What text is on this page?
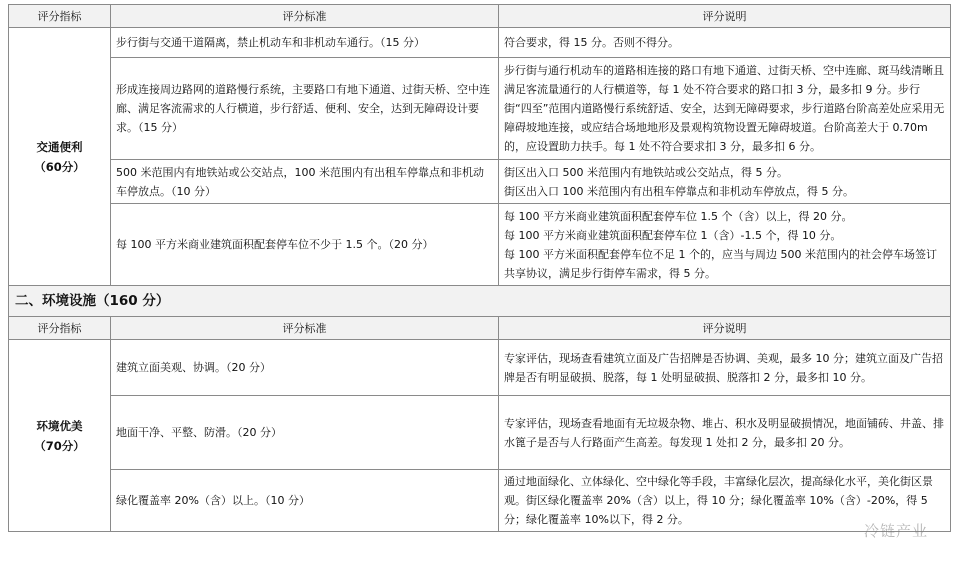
评分指标	评分标准	评分说明

交通便利
（60分）	步行街与交通干道隔离，禁止机动车和非机动车通行。（15 分）	符合要求，得 15 分。否则不得分。

	形成连接周边路网的道路慢行系统，主要路口有地下通道、过街天桥、空中连廊、满足客流需求的人行横道，步行舒适、便利、安全，达到无障碍设计要求。（15 分）	步行街与通行机动车的道路相连接的路口有地下通道、过街天桥、空中连廊、斑马线清晰且满足客流量通行的人行横道等，每 1 处不符合要求的路口扣 3 分，最多扣 9 分。步行街“四至”范围内道路慢行系统舒适、安全，达到无障碍要求，步行道路台阶高差处应采用无障碍坡地连接，或应结合场地地形及景观构筑物设置无障碍坡道。台阶高差大于 0.70m 的，应设置助力扶手。每 1 处不符合要求扣 3 分，最多扣 6 分。

	500 米范围内有地铁站或公交站点，100 米范围内有出租车停靠点和非机动车停放点。（10 分）	街区出入口 500 米范围内有地铁站或公交站点，得 5 分。
街区出入口 100 米范围内有出租车停靠点和非机动车停放点，得 5 分。

	每 100 平方米商业建筑面积配套停车位不少于 1.5 个。（20 分）	每 100 平方米商业建筑面积配套停车位 1.5 个（含）以上，得 20 分。
每 100 平方米商业建筑面积配套停车位 1（含）-1.5 个，得 10 分。
每 100 平方米面积配套停车位不足 1 个的，应当与周边 500 米范围内的社会停车场签订共享协议，满足步行街停车需求，得 5 分。

二、环境设施（160 分）		
评分指标	评分标准	评分说明

环境优美
（70分）	建筑立面美观、协调。（20 分）	专家评估，现场查看建筑立面及广告招牌是否协调、美观，最多 10 分；建筑立面及广告招牌是否有明显破损、脱落，每 1 处明显破损、脱落扣 2 分，最多扣 10 分。

	地面干净、平整、防滑。（20 分）	专家评估，现场查看地面有无垃圾杂物、堆占、积水及明显破损情况，地面铺砖、井盖、排水篦子是否与人行路面产生高差。每发现 1 处扣 2 分，最多扣 20 分。

	绿化覆盖率 20%（含）以上。（10 分）	通过地面绿化、立体绿化、空中绿化等手段，丰富绿化层次，提高绿化水平，美化街区景观。街区绿化覆盖率 20%（含）以上，得 10 分；绿化覆盖率 10%（含）-20%，得 5 分；绿化覆盖率 10%以下，得 2 分。
冷链产业
